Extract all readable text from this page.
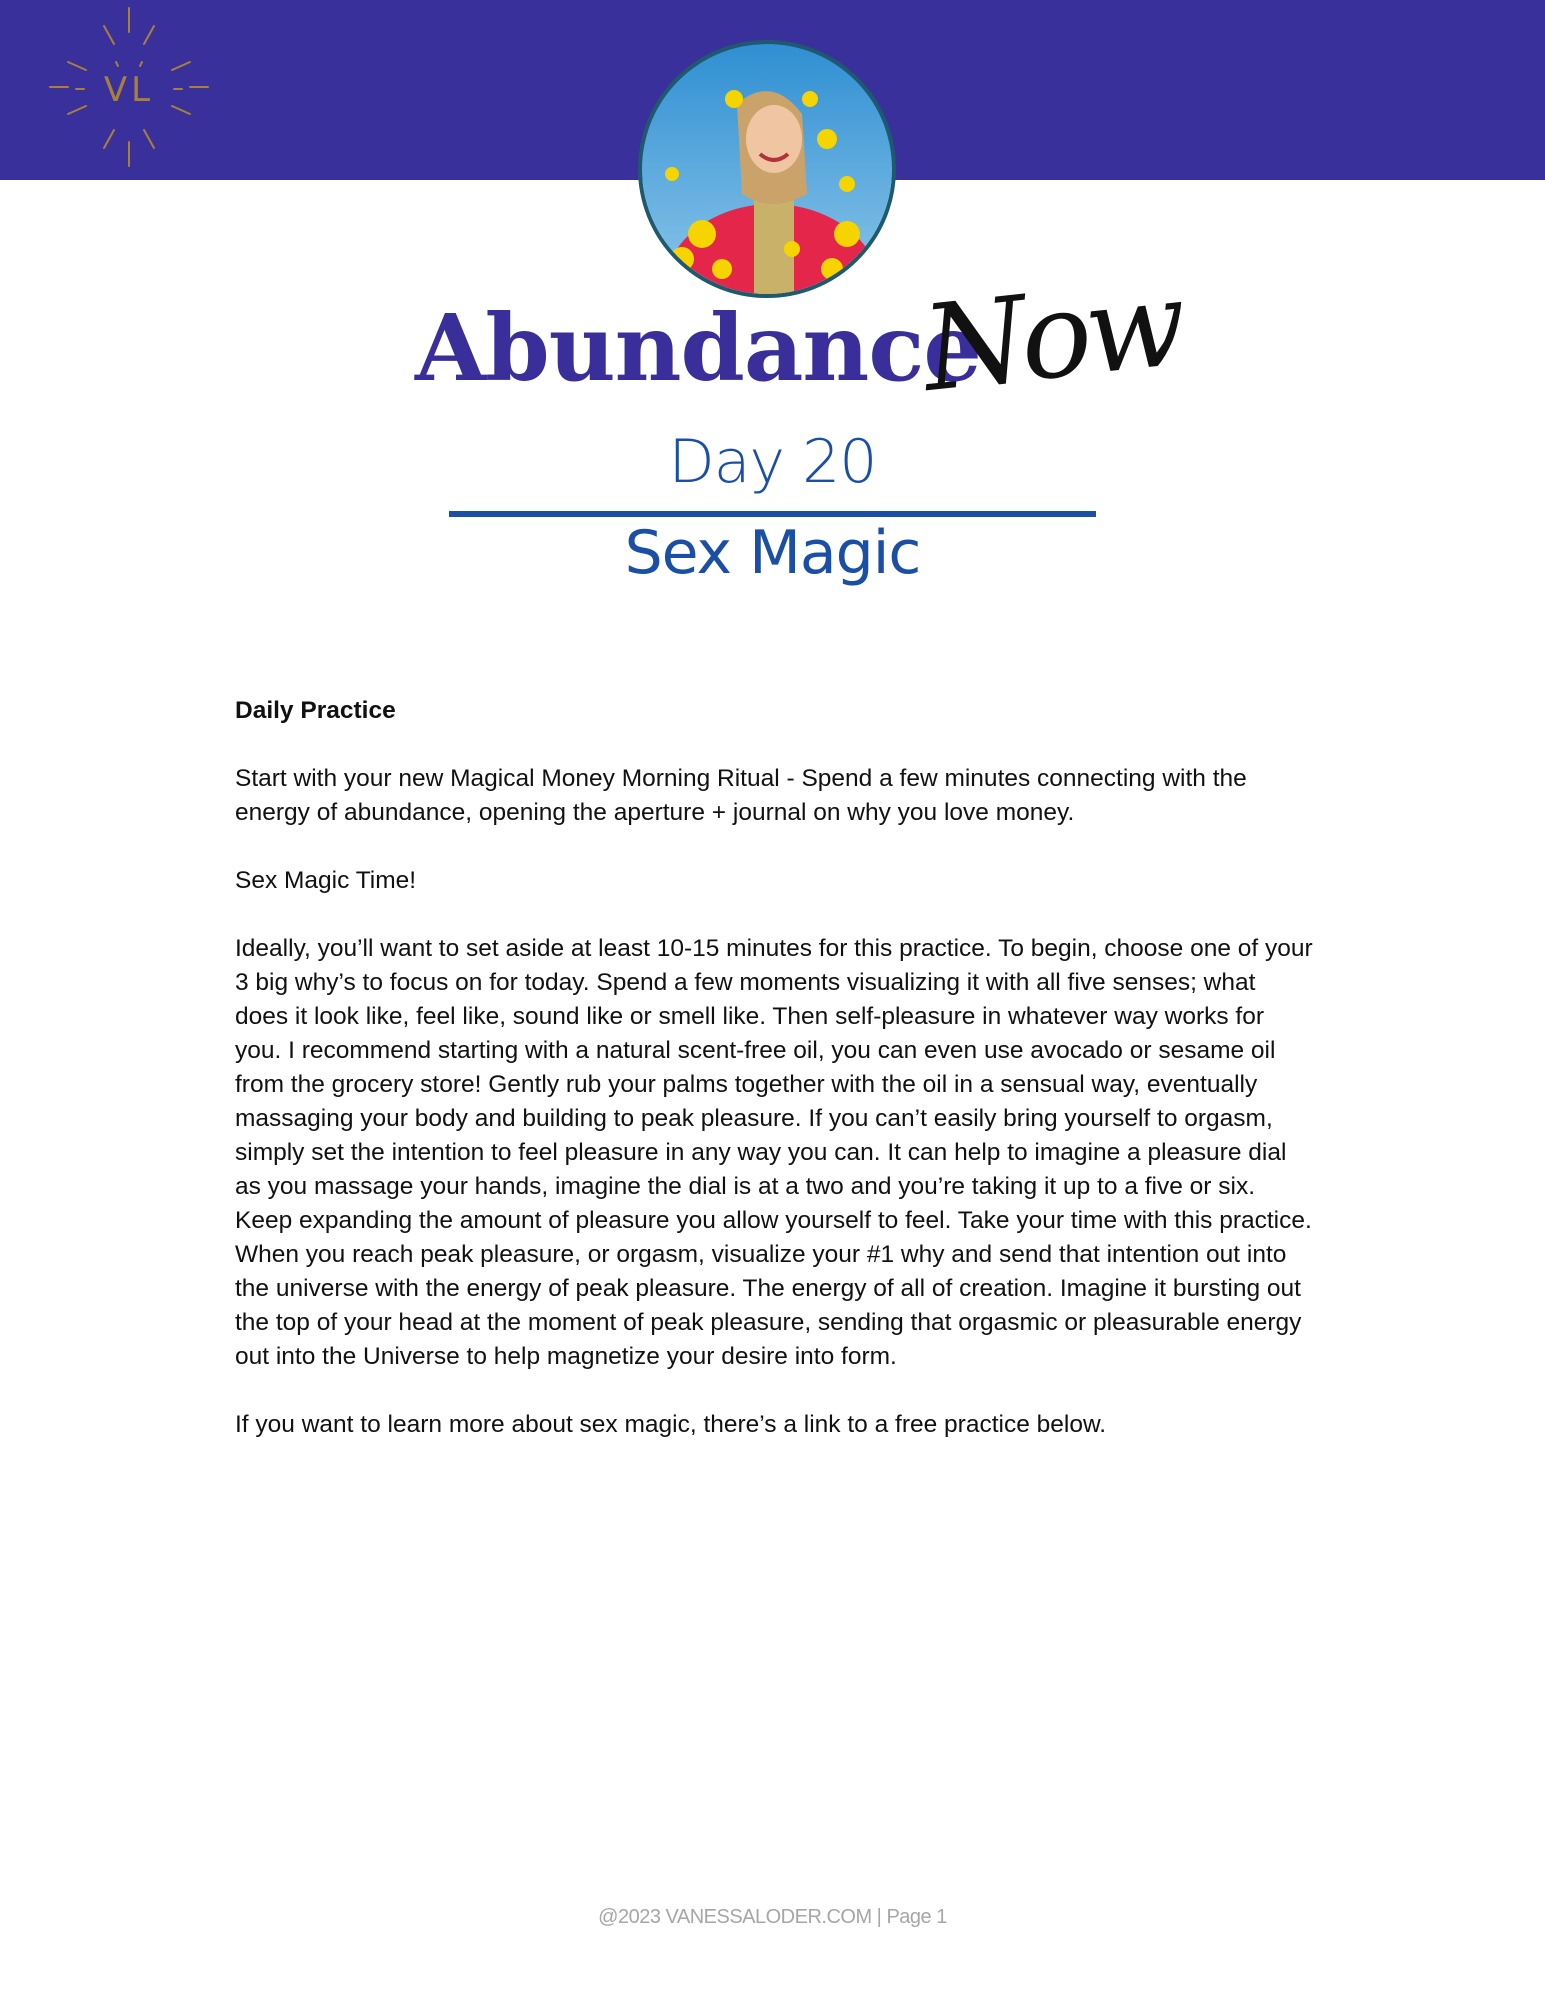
VL
Abundance
Now
Day 20
Sex Magic

Daily Practice

Start with your new Magical Money Morning Ritual - Spend a few minutes connecting with the energy of abundance, opening the aperture + journal on why you love money.

Sex Magic Time!

Ideally, you’ll want to set aside at least 10-15 minutes for this practice. To begin, choose one of your 3 big why’s to focus on for today. Spend a few moments visualizing it with all five senses; what does it look like, feel like, sound like or smell like. Then self-pleasure in whatever way works for you. I recommend starting with a natural scent-free oil, you can even use avocado or sesame oil from the grocery store! Gently rub your palms together with the oil in a sensual way, eventually massaging your body and building to peak pleasure. If you can’t easily bring yourself to orgasm, simply set the intention to feel pleasure in any way you can. It can help to imagine a pleasure dial as you massage your hands, imagine the dial is at a two and you’re taking it up to a five or six. Keep expanding the amount of pleasure you allow yourself to feel. Take your time with this practice. When you reach peak pleasure, or orgasm, visualize your #1 why and send that intention out into the universe with the energy of peak pleasure. The energy of all of creation. Imagine it bursting out the top of your head at the moment of peak pleasure, sending that orgasmic or pleasurable energy out into the Universe to help magnetize your desire into form.

If you want to learn more about sex magic, there’s a link to a free practice below.

@2023 VANESSALODER.COM | Page 1
